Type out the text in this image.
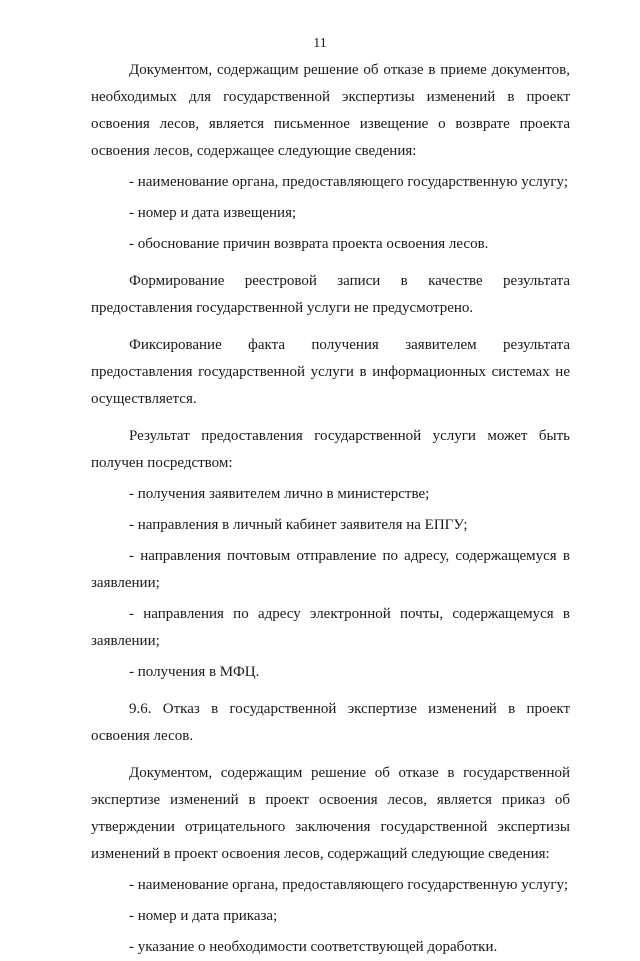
11

Документом, содержащим решение об отказе в приеме документов, необходимых для государственной экспертизы изменений в проект освоения лесов, является письменное извещение о возврате проекта освоения лесов, содержащее следующие сведения:

- наименование органа, предоставляющего государственную услугу;

- номер и дата извещения;

- обоснование причин возврата проекта освоения лесов.

Формирование реестровой записи в качестве результата предоставления государственной услуги не предусмотрено.

Фиксирование факта получения заявителем результата предоставления государственной услуги в информационных системах не осуществляется.

Результат предоставления государственной услуги может быть получен посредством:

- получения заявителем лично в министерстве;

- направления в личный кабинет заявителя на ЕПГУ;

- направления почтовым отправление по адресу, содержащемуся в заявлении;

- направления по адресу электронной почты, содержащемуся в заявлении;

- получения в МФЦ.

9.6. Отказ в государственной экспертизе изменений в проект освоения лесов.

Документом, содержащим решение об отказе в государственной экспертизе изменений в проект освоения лесов, является приказ об утверждении отрицательного заключения государственной экспертизы изменений в проект освоения лесов, содержащий следующие сведения:

- наименование органа, предоставляющего государственную услугу;

- номер и дата приказа;

- указание о необходимости соответствующей доработки.
